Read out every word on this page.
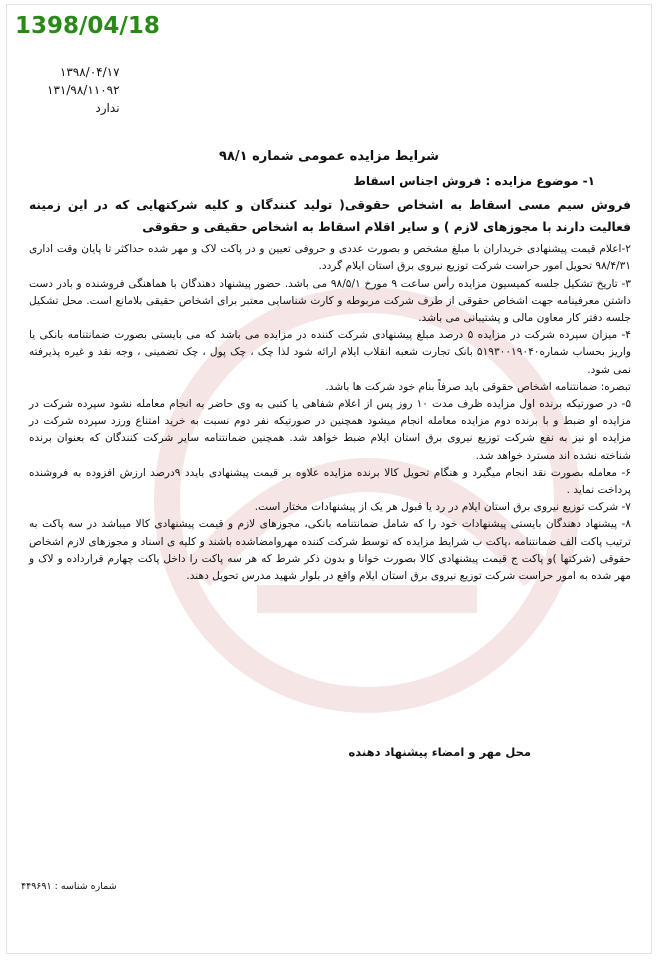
1398/04/18
۱۳۹۸/۰۴/۱۷
۱۳۱/۹۸/۱۱۰۹۲
ندارد
شرایط مزایده عمومی شماره ۹۸/۱

۱- موضوع مزایده : فروش اجناس اسقاط

فروش سیم مسی اسقاط به اشخاص حقوقی( تولید کنندگان و کلیه شرکتهایی که در این زمینه فعالیت دارند با مجوزهای لازم ) و سایر اقلام اسقاط به اشخاص حقیقی و حقوقی

۲-اعلام قیمت پیشنهادی خریداران با مبلغ مشخص و بصورت عددی و حروفی تعیین و در پاکت لاک و مهر شده حداکثر تا پایان وقت اداری ۹۸/۴/۳۱ تحویل امور حراست شرکت توزیع نیروی برق استان ایلام گردد.

۳- تاریخ تشکیل جلسه کمیسیون مزایده رأس ساعت ۹ مورخ ۹۸/۵/۱ می باشد. حضور پیشنهاد دهندگان با هماهنگی فروشنده و بادر دست داشتن معرفینامه جهت اشخاص حقوقی از طرف شرکت مربوطه و کارت شناسایی معتبر برای اشخاص حقیقی بلامانع است. محل تشکیل جلسه دفتر کار معاون مالی و پشتیبانی می باشد.

۴- میزان سپرده شرکت در مزایده ۵ درصد مبلغ پیشنهادی شرکت کننده در مزایده می باشد که می بایستی بصورت ضمانتنامه بانکی یا واریز بحساب شماره۵۱۹۳۰۰۱۹۰۴۰ بانک تجارت شعبه انقلاب ایلام ارائه شود لذا چک ، چک پول ، چک تضمینی ، وجه نقد و غیره پذیرفته نمی شود.

تبصره: ضمانتنامه اشخاص حقوقی باید صرفاً بنام خود شرکت ها باشد.

۵- در صورتیکه برنده اول مزایده ظرف مدت ۱۰ روز پس از اعلام شفاهی یا کتبی به وی حاضر به انجام معامله نشود سپرده شرکت در مزایده او ضبط و با برنده دوم مزایده معامله انجام میشود همچنین در صورتیکه نفر دوم نسبت به خرید امتناع ورزد سپرده شرکت در مزایده او نیز به نفع شرکت توزیع نیروی برق استان ایلام ضبط خواهد شد. همچنین ضمانتنامه سایر شرکت کنندگان که بعنوان برنده شناخته نشده اند مسترد خواهد شد.

۶- معامله بصورت نقد انجام میگیرد و هنگام تحویل کالا برنده مزایده علاوه بر قیمت پیشنهادی بایدد ۹درصد ارزش افزوده به فروشنده پرداخت نماید .

۷- شرکت توزیع نیروی برق استان ایلام در رد یا قبول هر یک از پیشنهادات مختار است.

۸- پیشنهاد دهندگان بایستی پیشنهادات خود را که شامل ضمانتنامه بانکی، مجوزهای لازم و قیمت پیشنهادی کالا میباشد در سه پاکت به ترتیب پاکت الف ضمانتنامه ،پاکت ب شرایط مزایده که توسط شرکت کننده مهروامضاشده باشند و کلیه ی اسناد و مجوزهای لازم اشخاص حقوقی (شرکتها )و پاکت ج قیمت پیشنهادی کالا بصورت خوانا و بدون ذکر شرط که هر سه پاکت را داخل پاکت چهارم قرارداده و لاک و مهر شده به امور حراست شرکت توزیع نیروی برق استان ایلام واقع در بلوار شهید مدرس تحویل دهند.

محل مهر و امضاء پیشنهاد دهنده
شماره شناسه : ۴۴۹۶۹۱
